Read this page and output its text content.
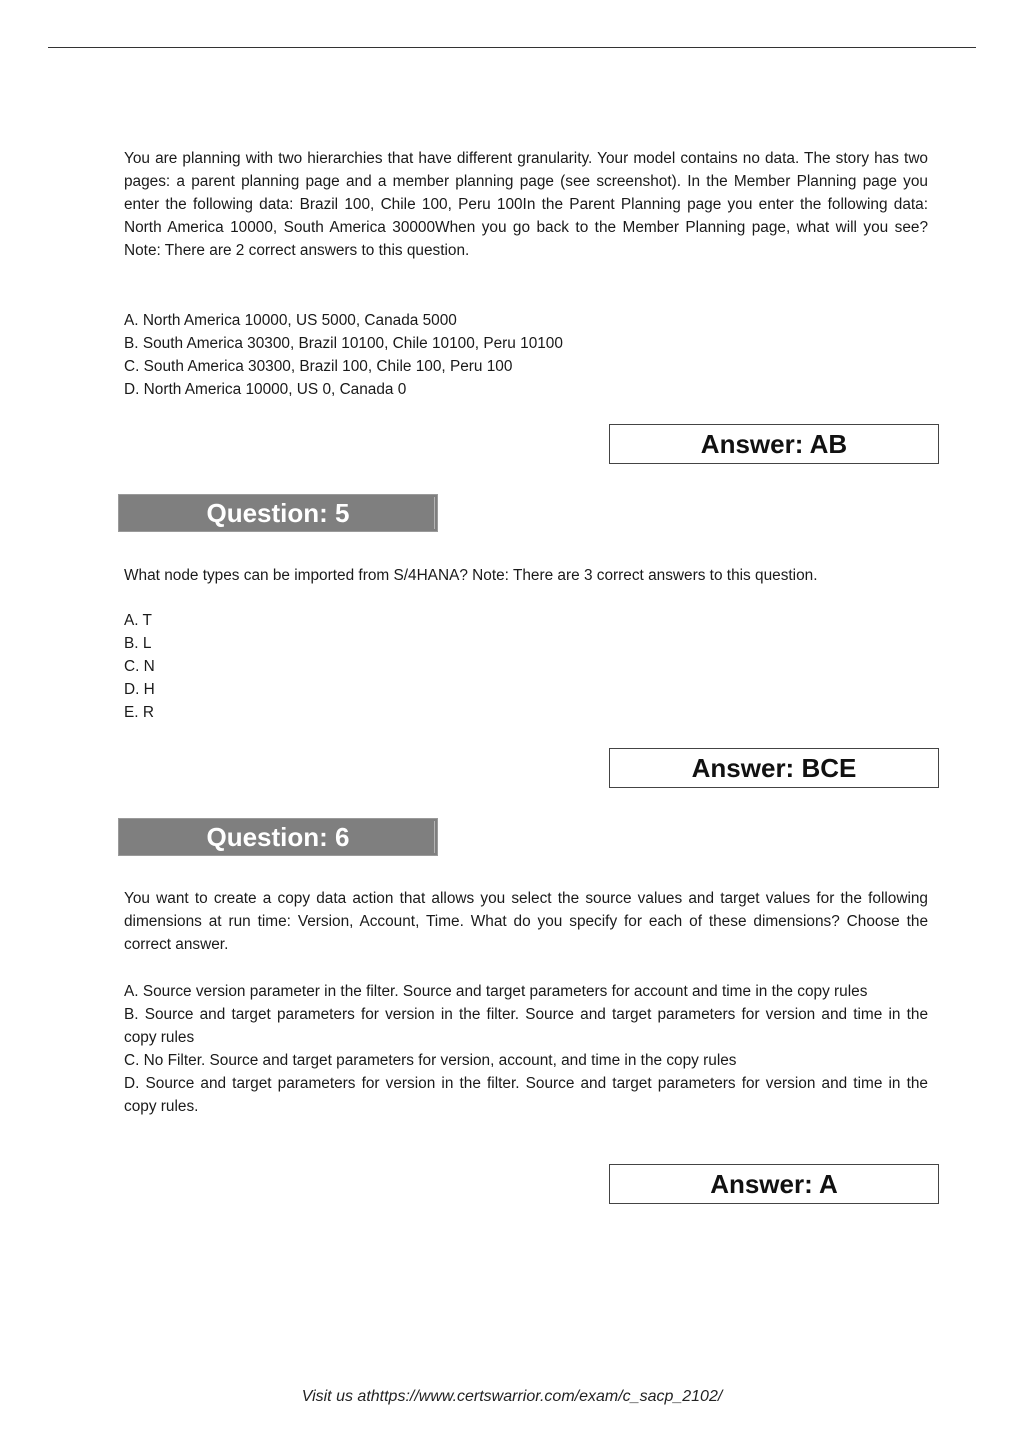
You are planning with two hierarchies that have different granularity. Your model contains no data. The story has two pages: a parent planning page and a member planning page (see screenshot). In the Member Planning page you enter the following data: Brazil 100, Chile 100, Peru 100In the Parent Planning page you enter the following data: North America 10000, South America 30000When you go back to the Member Planning page, what will you see? Note: There are 2 correct answers to this question.

A. North America 10000, US 5000, Canada 5000
B. South America 30300, Brazil 10100, Chile 10100, Peru 10100
C. South America 30300, Brazil 100, Chile 100, Peru 100
D. North America 10000, US 0, Canada 0
Answer: AB
Question: 5

What node types can be imported from S/4HANA? Note: There are 3 correct answers to this question.

A. T
B. L
C. N
D. H
E. R
Answer: BCE
Question: 6

You want to create a copy data action that allows you select the source values and target values for the following dimensions at run time: Version, Account, Time. What do you specify for each of these dimensions? Choose the correct answer.

A. Source version parameter in the filter. Source and target parameters for account and time in the copy rules
B. Source and target parameters for version in the filter. Source and target parameters for version and time in the copy rules
C. No Filter. Source and target parameters for version, account, and time in the copy rules
D. Source and target parameters for version in the filter. Source and target parameters for version and time in the copy rules.
Answer: A
Visit us athttps://www.certswarrior.com/exam/c_sacp_2102/
